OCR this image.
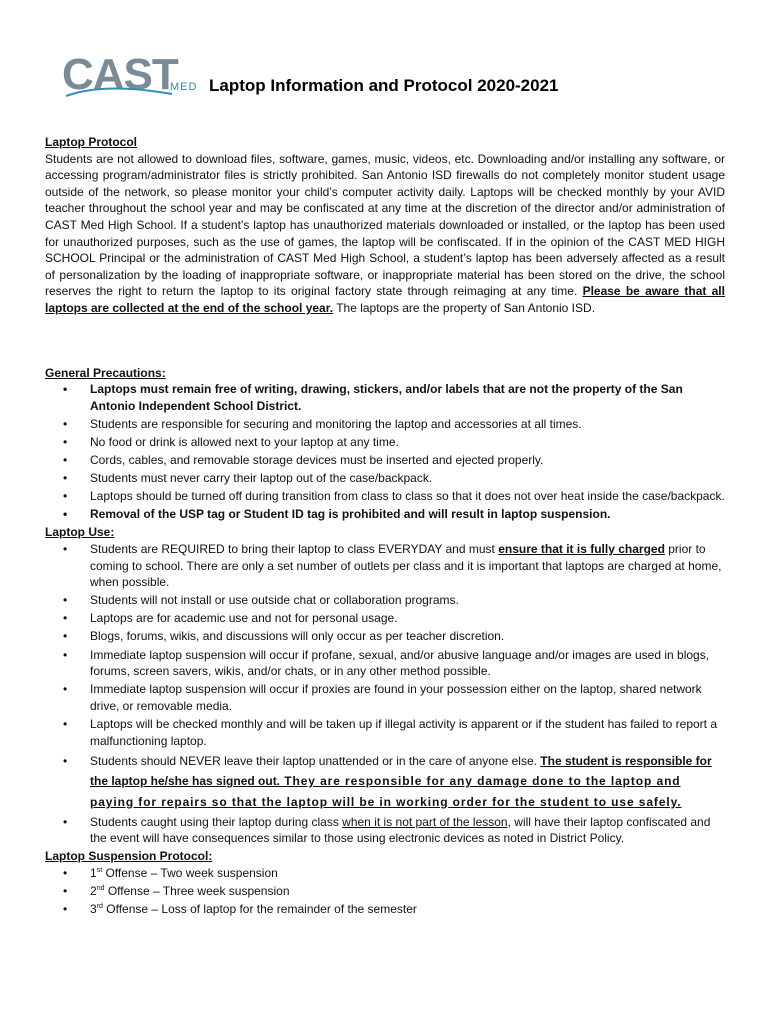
CAST
MED Laptop Information and Protocol 2020-2021
Laptop Protocol

Students are not allowed to download files, software, games, music, videos, etc. Downloading and/or installing any software, or accessing program/administrator files is strictly prohibited. San Antonio ISD firewalls do not completely monitor student usage outside of the network, so please monitor your child’s computer activity daily. Laptops will be checked monthly by your AVID teacher throughout the school year and may be confiscated at any time at the discretion of the director and/or administration of CAST Med High School. If a student’s laptop has unauthorized materials downloaded or installed, or the laptop has been used for unauthorized purposes, such as the use of games, the laptop will be confiscated. If in the opinion of the CAST MED HIGH SCHOOL Principal or the administration of CAST Med High School, a student’s laptop has been adversely affected as a result of personalization by the loading of inappropriate software, or inappropriate material has been stored on the drive, the school reserves the right to return the laptop to its original factory state through reimaging at any time. Please be aware that all laptops are collected at the end of the school year. The laptops are the property of San Antonio ISD.

General Precautions:
• Laptops must remain free of writing, drawing, stickers, and/or labels that are not the property of the San Antonio Independent School District.
• Students are responsible for securing and monitoring the laptop and accessories at all times.
• No food or drink is allowed next to your laptop at any time.
• Cords, cables, and removable storage devices must be inserted and ejected properly.
• Students must never carry their laptop out of the case/backpack.
• Laptops should be turned off during transition from class to class so that it does not over heat inside the case/backpack.
• Removal of the USP tag or Student ID tag is prohibited and will result in laptop suspension.
Laptop Use:
• Students are REQUIRED to bring their laptop to class EVERYDAY and must ensure that it is fully charged prior to coming to school. There are only a set number of outlets per class and it is important that laptops are charged at home, when possible.
• Students will not install or use outside chat or collaboration programs.
• Laptops are for academic use and not for personal usage.
• Blogs, forums, wikis, and discussions will only occur as per teacher discretion.
• Immediate laptop suspension will occur if profane, sexual, and/or abusive language and/or images are used in blogs, forums, screen savers, wikis, and/or chats, or in any other method possible.
• Immediate laptop suspension will occur if proxies are found in your possession either on the laptop, shared network drive, or removable media.
• Laptops will be checked monthly and will be taken up if illegal activity is apparent or if the student has failed to report a malfunctioning laptop.
• Students should NEVER leave their laptop unattended or in the care of anyone else. The student is responsible for the laptop he/she has signed out. They are responsible for any damage done to the laptop and paying for repairs so that the laptop will be in working order for the student to use safely.
• Students caught using their laptop during class when it is not part of the lesson, will have their laptop confiscated and the event will have consequences similar to those using electronic devices as noted in District Policy.
Laptop Suspension Protocol:
• 1st Offense – Two week suspension
• 2nd Offense – Three week suspension
• 3rd Offense – Loss of laptop for the remainder of the semester
